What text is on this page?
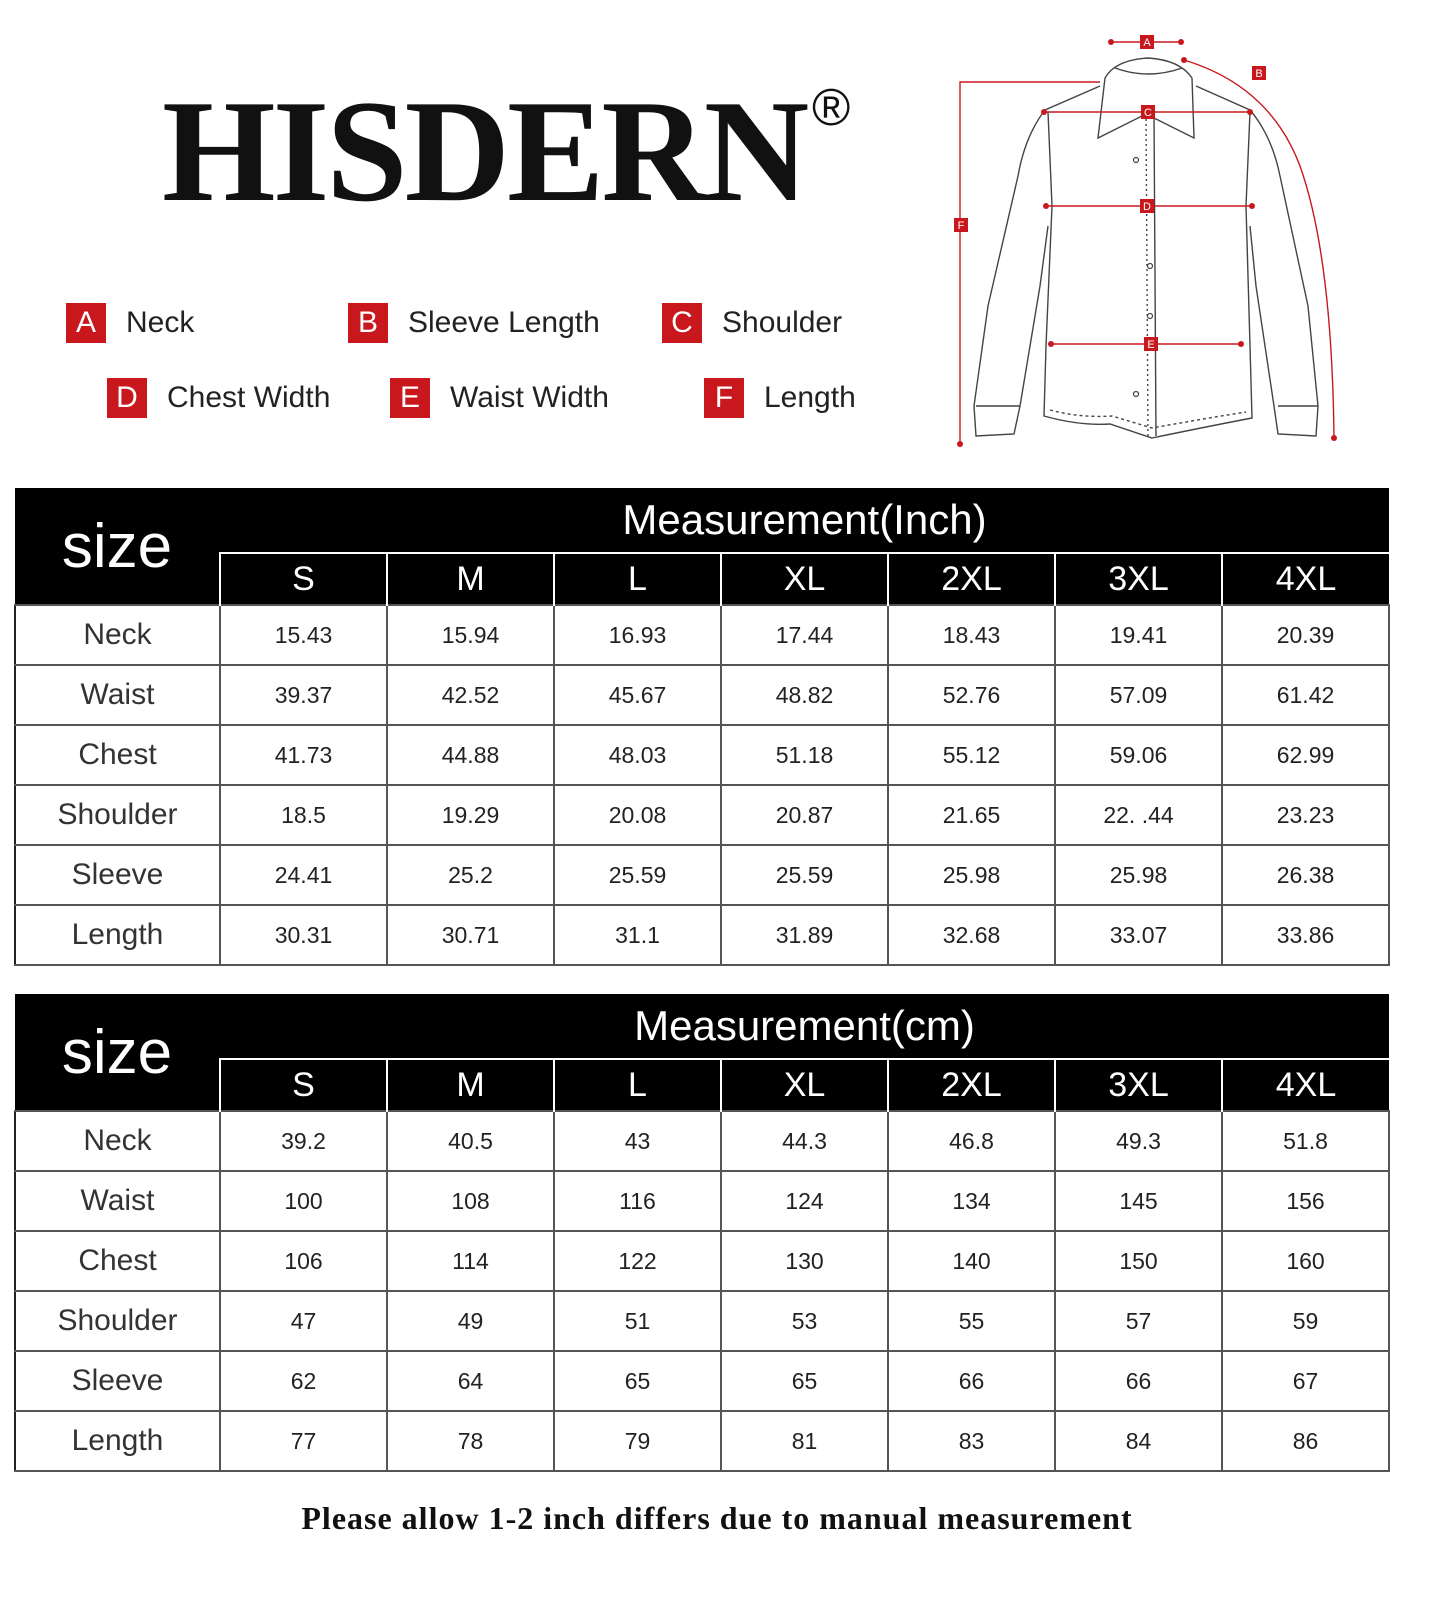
HISDERN ®
A	Neck	B	Sleeve Length	C Shoulder
D Chest Width	E	Waist Width	F	Length
A
B
C
D
E
F
size	Measurement(Inch)						
	S	M	L	XL	2XL	3XL	4XL
Neck	15.43	15.94	16.93	17.44	18.43	19.41	20.39
Waist	39.37	42.52	45.67	48.82	52.76	57.09	61.42
Chest	41.73	44.88	48.03	51.18	55.12	59.06	62.99
Shoulder	18.5	19.29	20.08	20.87	21.65	22. .44	23.23
Sleeve	24.41	25.2	25.59	25.59	25.98	25.98	26.38
Length	30.31	30.71	31.1	31.89	32.68	33.07	33.86
size	Measurement(cm)						
	S	M	L	XL	2XL	3XL	4XL
Neck	39.2	40.5	43	44.3	46.8	49.3	51.8
Waist	100	108	116	124	134	145	156
Chest	106	114	122	130	140	150	160
Shoulder	47	49	51	53	55	57	59
Sleeve	62	64	65	65	66	66	67
Length	77	78	79	81	83	84	86
Please allow 1-2 inch differs due to manual measurement
